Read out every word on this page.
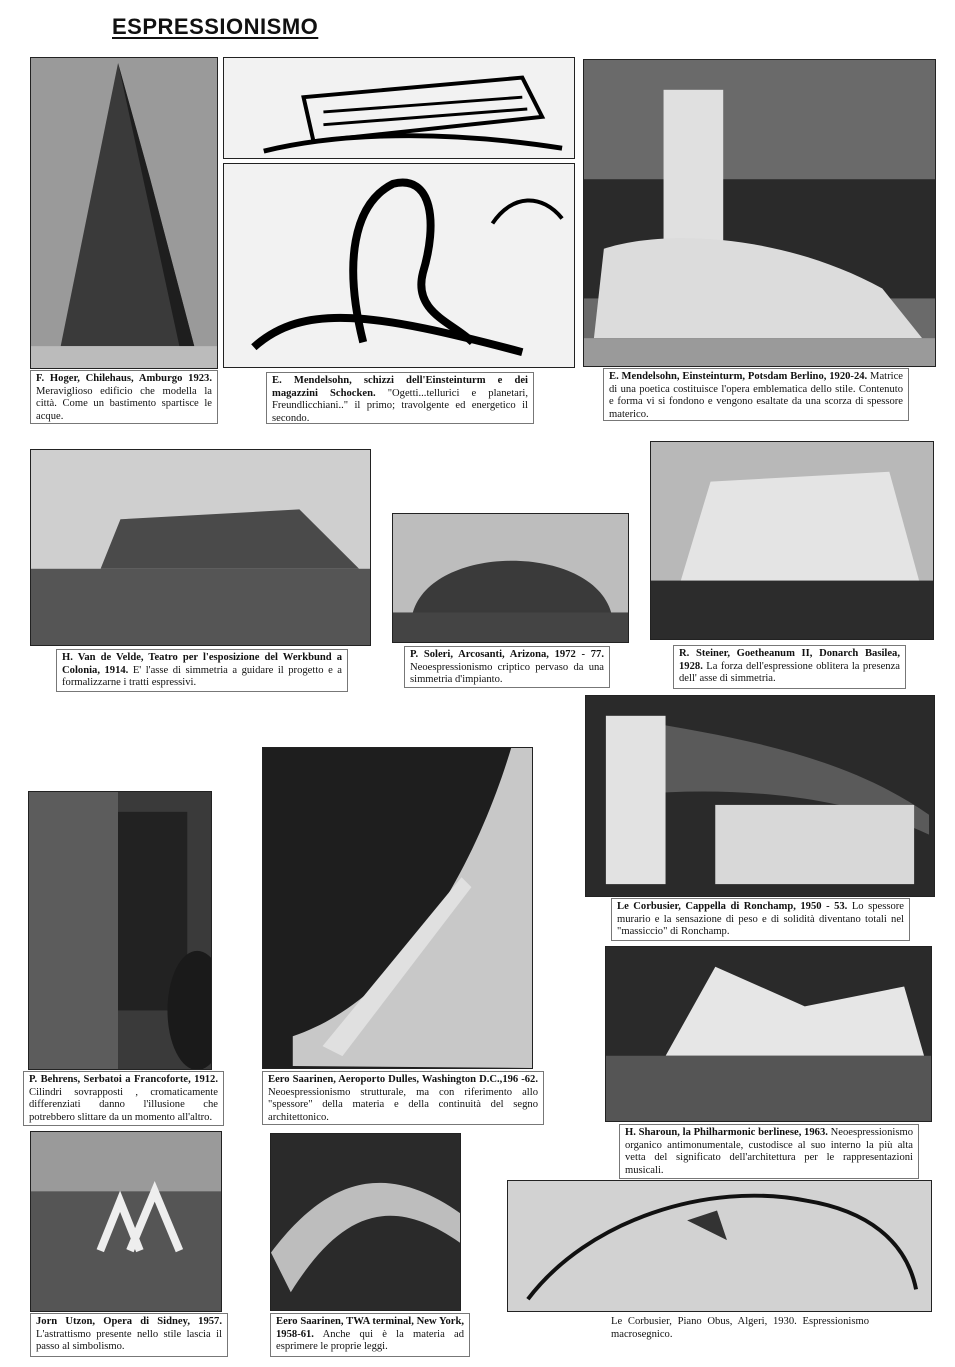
ESPRESSIONISMO
F. Hoger, Chilehaus, Amburgo 1923. Meraviglioso edificio che modella la città. Come un bastimento spartisce le acque.
E. Mendelsohn, schizzi dell'Einsteinturm e dei magazzini Schocken. "Ogetti...tellurici e planetari, Freundlicchiani.." il primo; travolgente ed energetico il secondo.
E. Mendelsohn, Einsteinturm, Potsdam Berlino, 1920-24. Matrice di una poetica costituisce l'opera emblematica dello stile. Contenuto e forma vi si fondono e vengono esaltate da una scorza di spessore materico.
H. Van de Velde, Teatro per l'esposizione del Werkbund a Colonia, 1914. E' l'asse di simmetria a guidare il progetto e a formalizzarne i tratti espressivi.
P. Soleri, Arcosanti, Arizona, 1972 - 77. Neoespressionismo criptico pervaso da una simmetria d'impianto.
R. Steiner, Goetheanum II, Donarch Basilea, 1928. La forza dell'espressione oblitera la presenza dell' asse di simmetria.
Le Corbusier, Cappella di Ronchamp, 1950 - 53. Lo spessore murario e la sensazione di peso e di solidità diventano totali nel "massiccio" di Ronchamp.
P. Behrens, Serbatoi a Francoforte, 1912. Cilindri sovrapposti , cromaticamente differenziati danno l'illusione che potrebbero slittare da un momento all'altro.
Eero Saarinen, Aeroporto Dulles, Washington D.C.,196 -62. Neoespressionismo strutturale, ma con riferimento allo "spessore" della materia e della continuità del segno architettonico.
H. Sharoun, la Philharmonic berlinese, 1963. Neoespressionismo organico antimonumentale, custodisce al suo interno la più alta vetta del significato dell'architettura per le rappresentazioni musicali.
Jorn Utzon, Opera di Sidney, 1957. L'astrattismo presente nello stile lascia il passo al simbolismo.
Eero Saarinen, TWA terminal, New York, 1958-61. Anche qui è la materia ad esprimere le proprie leggi.
Le Corbusier, Piano Obus, Algeri, 1930. Espressionismo macrosegnico.
